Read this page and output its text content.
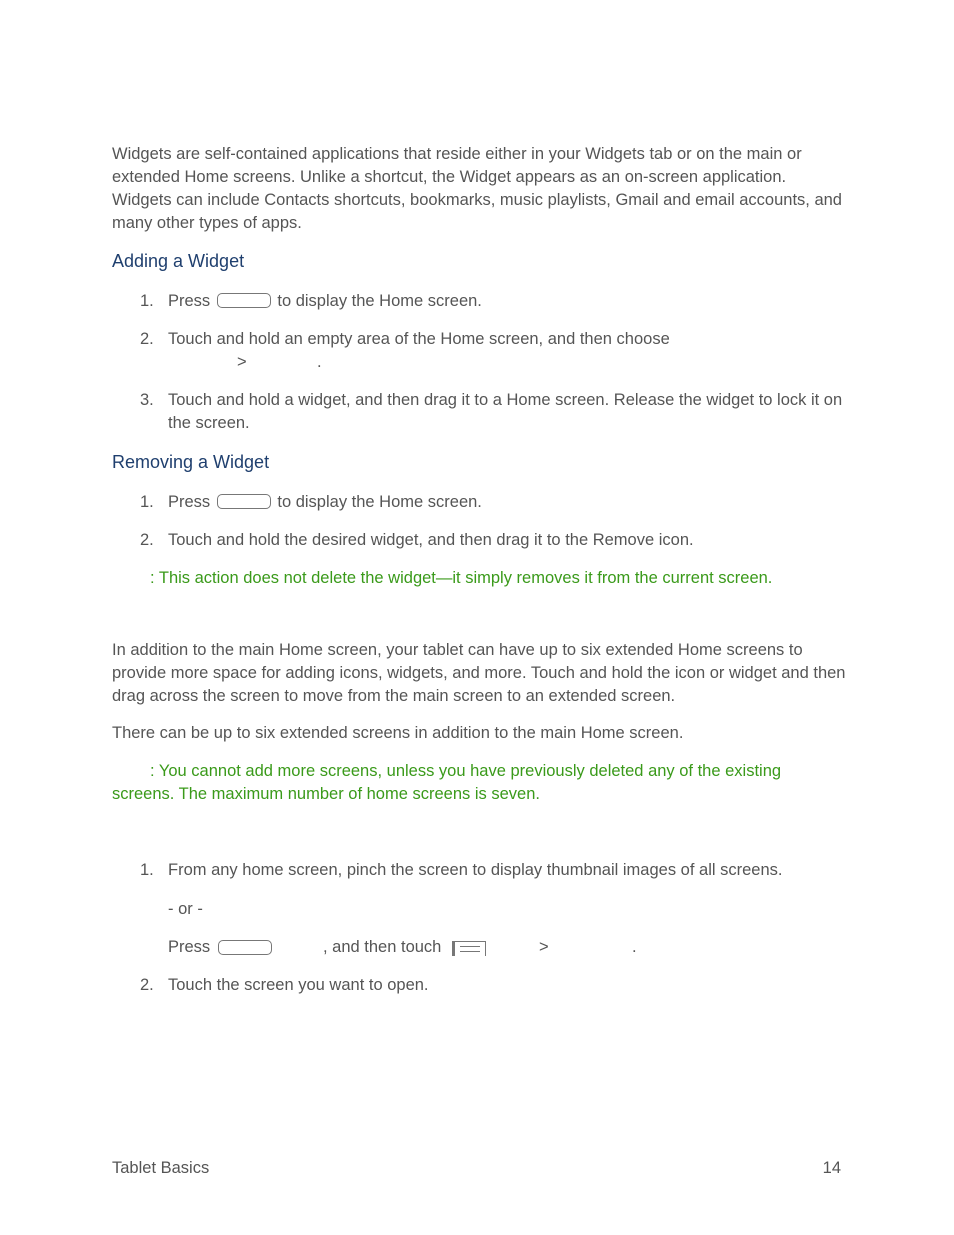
Widgets are self-contained applications that reside either in your Widgets tab or on the main or extended Home screens. Unlike a shortcut, the Widget appears as an on-screen application. Widgets can include Contacts shortcuts, bookmarks, music playlists, Gmail and email accounts, and many other types of apps.

Adding a Widget
1. Press	to display the Home screen.
2. Touch and hold an empty area of the Home screen, and then choose
>	.
3. Touch and hold a widget, and then drag it to a Home screen. Release the widget to lock it on the screen.
Removing a Widget
1. Press	to display the Home screen.
2. Touch and hold the desired widget, and then drag it to the Remove icon.
: This action does not delete the widget—it simply removes it from the current screen.

In addition to the main Home screen, your tablet can have up to six extended Home screens to provide more space for adding icons, widgets, and more. Touch and hold the icon or widget and then drag across the screen to move from the main screen to an extended screen.

There can be up to six extended screens in addition to the main Home screen.

: You cannot add more screens, unless you have previously deleted any of the existing screens. The maximum number of home screens is seven.
1. From any home screen, pinch the screen to display thumbnail images of all screens.
- or -
Press	, and then touch	>	.
2. Touch the screen you want to open.
Tablet Basics	14
